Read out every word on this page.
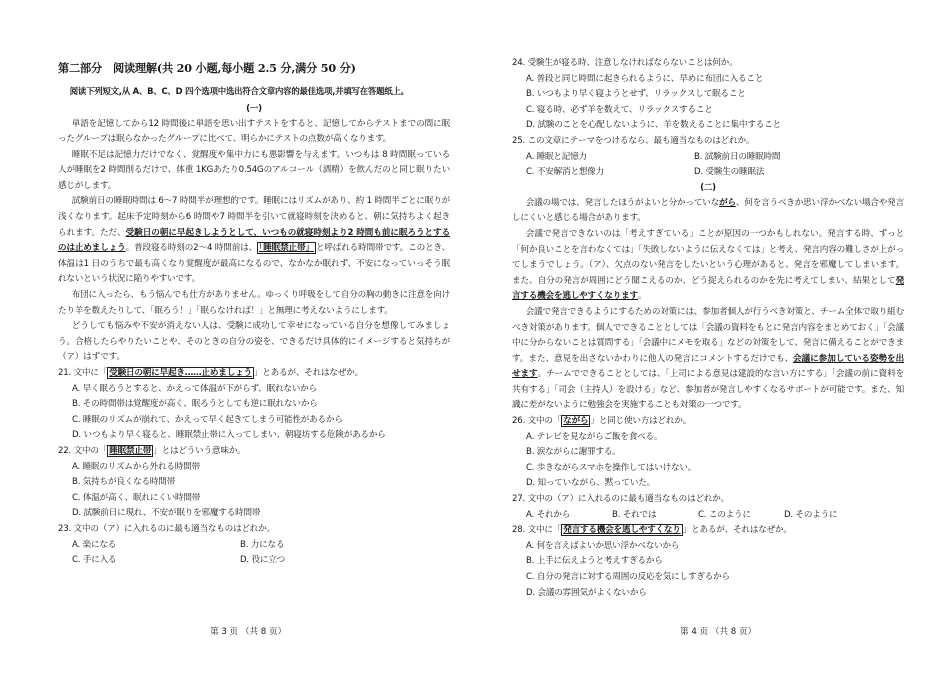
第二部分　阅读理解(共 20 小题,每小题 2.5 分,满分 50 分)
阅读下列短文,从 A、B、C、D 四个选项中选出符合文章内容的最佳选项,并填写在答题纸上。
(一)

単語を記憶してから12 時間後に単語を思い出すテストをすると、記憶してからテストまでの間に眠ったグループは眠らなかったグループに比べて、明らかにテストの点数が高くなります。

睡眠不足は記憶力だけでなく、覚醒度や集中力にも悪影響を与えます。いつもは 8 時間眠っている人が睡眠を2 時間削るだけで、体重 1KGあたり0.54Gのアルコール（酒精）を飲んだのと同じ眠りたい感じがします。

試験前日の睡眠時間は 6～7 時間半が理想的です。睡眠にはリズムがあり、約 1 時間半ごとに眠りが浅くなります。起床予定時刻から6 時間や7 時間半を引いて就寝時刻を決めると、朝に気持ちよく起きられます。ただ、受験日の朝に早起きしようとして、いつもの就寝時刻より2 時間も前に眠ろうとするのは止めましょう。普段寝る時刻の2～4 時間前は、 「睡眠禁止帯」 と呼ばれる時間帯です。このとき、体温は1 日のうちで最も高くなり覚醒度が最高になるので、なかなか眠れず、不安になっていっそう眠れないという状況に陥りやすいです。

布団に入ったら、もう悩んでも仕方がありません。ゆっくり呼吸をして自分の胸の動きに注意を向けたり羊を数えたりして、「眠ろう！」「眠らなければ！」と無理に考えないようにします。

どうしても悩みや不安が消えない人は、受験に成功して幸せになっている自分を想像してみましょう。合格したらやりたいことや、そのときの自分の姿を、できるだけ具体的にイメージすると気持ちが（ア）はずです。

21. 文中に「 受験日の朝に早起き……止めましょう 」とあるが、それはなぜか。
A. 早く眠ろうとすると、かえって体温が下がらず、眠れないから
B. その時間帯は覚醒度が高く、眠ろうとしても逆に眠れないから
C. 睡眠のリズムが崩れて、かえって早く起きてしまう可能性があるから
D. いつもより早く寝ると、睡眠禁止帯に入ってしまい、朝寝坊する危険があるから
22. 文中の「 睡眠禁止帯 」とはどういう意味か。
A. 睡眠のリズムから外れる時間帯
B. 気持ちが良くなる時間帯
C. 体温が高く、眠れにくい時間帯
D. 試験前日に現れ、不安が眠りを邪魔する時間帯
23. 文中の（ア）に入れるのに最も適当なものはどれか。
A. 楽になる	B. 力になる
C. 手に入る	D. 役に立つ
第 3 页 （共 8 页）
24. 受験生が寝る時、注意しなければならないことは何か。
A. 普段と同じ時間に起きられるように、早めに布団に入ること
B. いつもより早く寝ようとせず、リラックスして眠ること
C. 寝る時、必ず羊を数えて、リラックスすること
D. 試験のことを心配しないように、羊を数えることに集中すること
25. この文章にテーマをつけるなら、最も適当なものはどれか。
A. 睡眠と記憶力	B. 試験前日の睡眠時間
C. 不安解消と想像力	D. 受験生の睡眠法
(二)

会議の場では、発言したほうがよいと分かっていながら、何を言うべきか思い浮かべない場合や発言しにくいと感じる場合があります。

会議で発言できないのは「考えすぎている」ことが原因の一つかもしれない。発言する時、ずっと「何か良いことを言わなくては」「失敗しないように伝えなくては」と考え、発言内容の難しさが上がってしまうでしょう。（ア）、欠点のない発言をしたいという心理があると、発言を邪魔してしまいます。また、自分の発言が周囲にどう聞こえるのか、どう捉えられるのかを先に考えてしまい、結果として発言する機会を逃しやすくなります。

会議で発言できるようにするための対策には、参加者個人が行うべき対策と、チーム全体で取り組むべき対策があります。個人でできることとしては「会議の資料をもとに発言内容をまとめておく」「会議中に分からないことは質問する」「会議中にメモを取る」などの対策をして、発言に備えることができます。また、意見を出さないかわりに他人の発言にコメントするだけでも、会議に参加している姿勢を出せます。チームでできることとしては、「上司による意見は建設的な言い方にする」「会議の前に資料を共有する」「司会（主持人）を設ける」など、参加者が発言しやすくなるサポートが可能です。また、知識に差がないように勉強会を実施することも対策の一つです。

26. 文中の「 ながら 」と同じ使い方はどれか。
A. テレビを見ながらご飯を食べる。
B. 涙ながらに謝罪する。
C. 歩きながらスマホを操作してはいけない。
D. 知っていながら、黙っていた。
27. 文中の（ア）に入れるのに最も適当なものはどれか。
A. それから	B. それでは	C. このように	D. そのように
28. 文中に「 発言する機会を逃しやすくなり 」とあるが、それはなぜか。
A. 何を言えばよいか思い浮かべないから
B. 上手に伝えようと考えすぎるから
C. 自分の発言に対する周囲の反応を気にしすぎるから
D. 会議の雰囲気がよくないから
第 4 页 （共 8 页）
